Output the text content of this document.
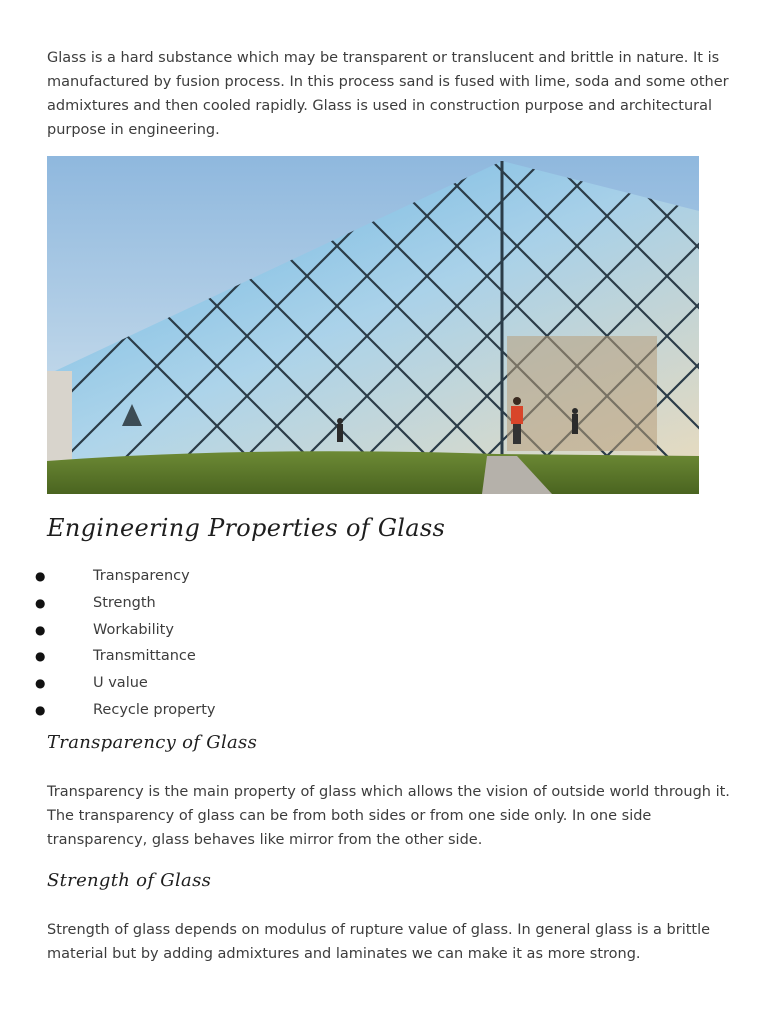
Glass is a hard substance which may be transparent or translucent and brittle in nature. It is manufactured by fusion process. In this process sand is fused with lime, soda and some other admixtures and then cooled rapidly. Glass is used in construction purpose and architectural purpose in engineering.

Engineering Properties of Glass
●	Transparency
●	Strength
●	Workability
●	Transmittance
●	U value
●	Recycle property
Transparency of Glass

Transparency is the main property of glass which allows the vision of outside world through it. The transparency of glass can be from both sides or from one side only. In one side transparency, glass behaves like mirror from the other side.

Strength of Glass

Strength of glass depends on modulus of rupture value of glass. In general glass is a brittle material but by adding admixtures and laminates we can make it as more strong.
